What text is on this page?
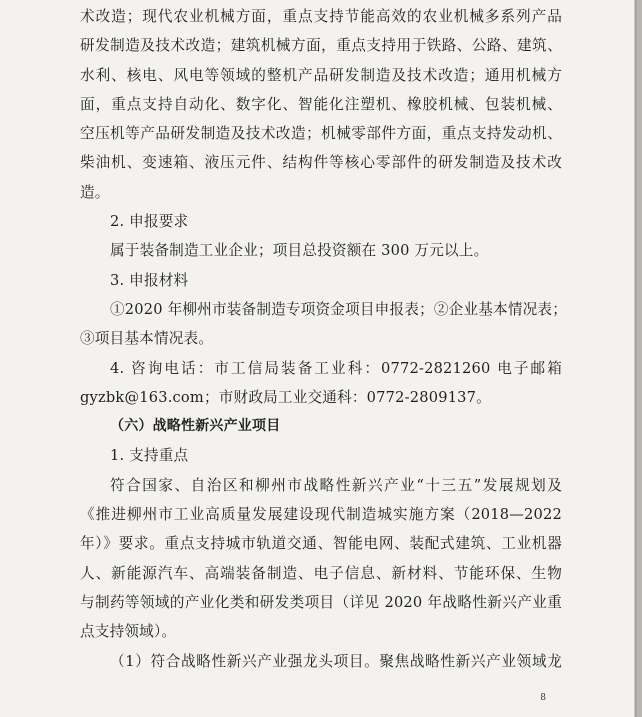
术改造；现代农业机械方面，重点支持节能高效的农业机械多系列产品
研发制造及技术改造；建筑机械方面，重点支持用于铁路、公路、建筑、
水利、核电、风电等领域的整机产品研发制造及技术改造；通用机械方
面，重点支持自动化、数字化、智能化注塑机、橡胶机械、包装机械、
空压机等产品研发制造及技术改造；机械零部件方面，重点支持发动机、
柴油机、变速箱、液压元件、结构件等核心零部件的研发制造及技术改
造。
2. 申报要求
属于装备制造工业企业；项目总投资额在 300 万元以上。
3. 申报材料
①2020 年柳州市装备制造专项资金项目申报表；②企业基本情况表；
③项目基本情况表。
4. 咨询电话：市工信局装备工业科：0772-2821260 电子邮箱
gyzbk@163.com；市财政局工业交通科：0772-2809137。
（六）战略性新兴产业项目
1. 支持重点
符合国家、自治区和柳州市战略性新兴产业“十三五”发展规划及
《推进柳州市工业高质量发展建设现代制造城实施方案（2018—2022
年）》要求。重点支持城市轨道交通、智能电网、装配式建筑、工业机器
人、新能源汽车、高端装备制造、电子信息、新材料、节能环保、生物
与制药等领域的产业化类和研发类项目（详见 2020 年战略性新兴产业重
点支持领域）。
（1）符合战略性新兴产业强龙头项目。聚焦战略性新兴产业领域龙
8
